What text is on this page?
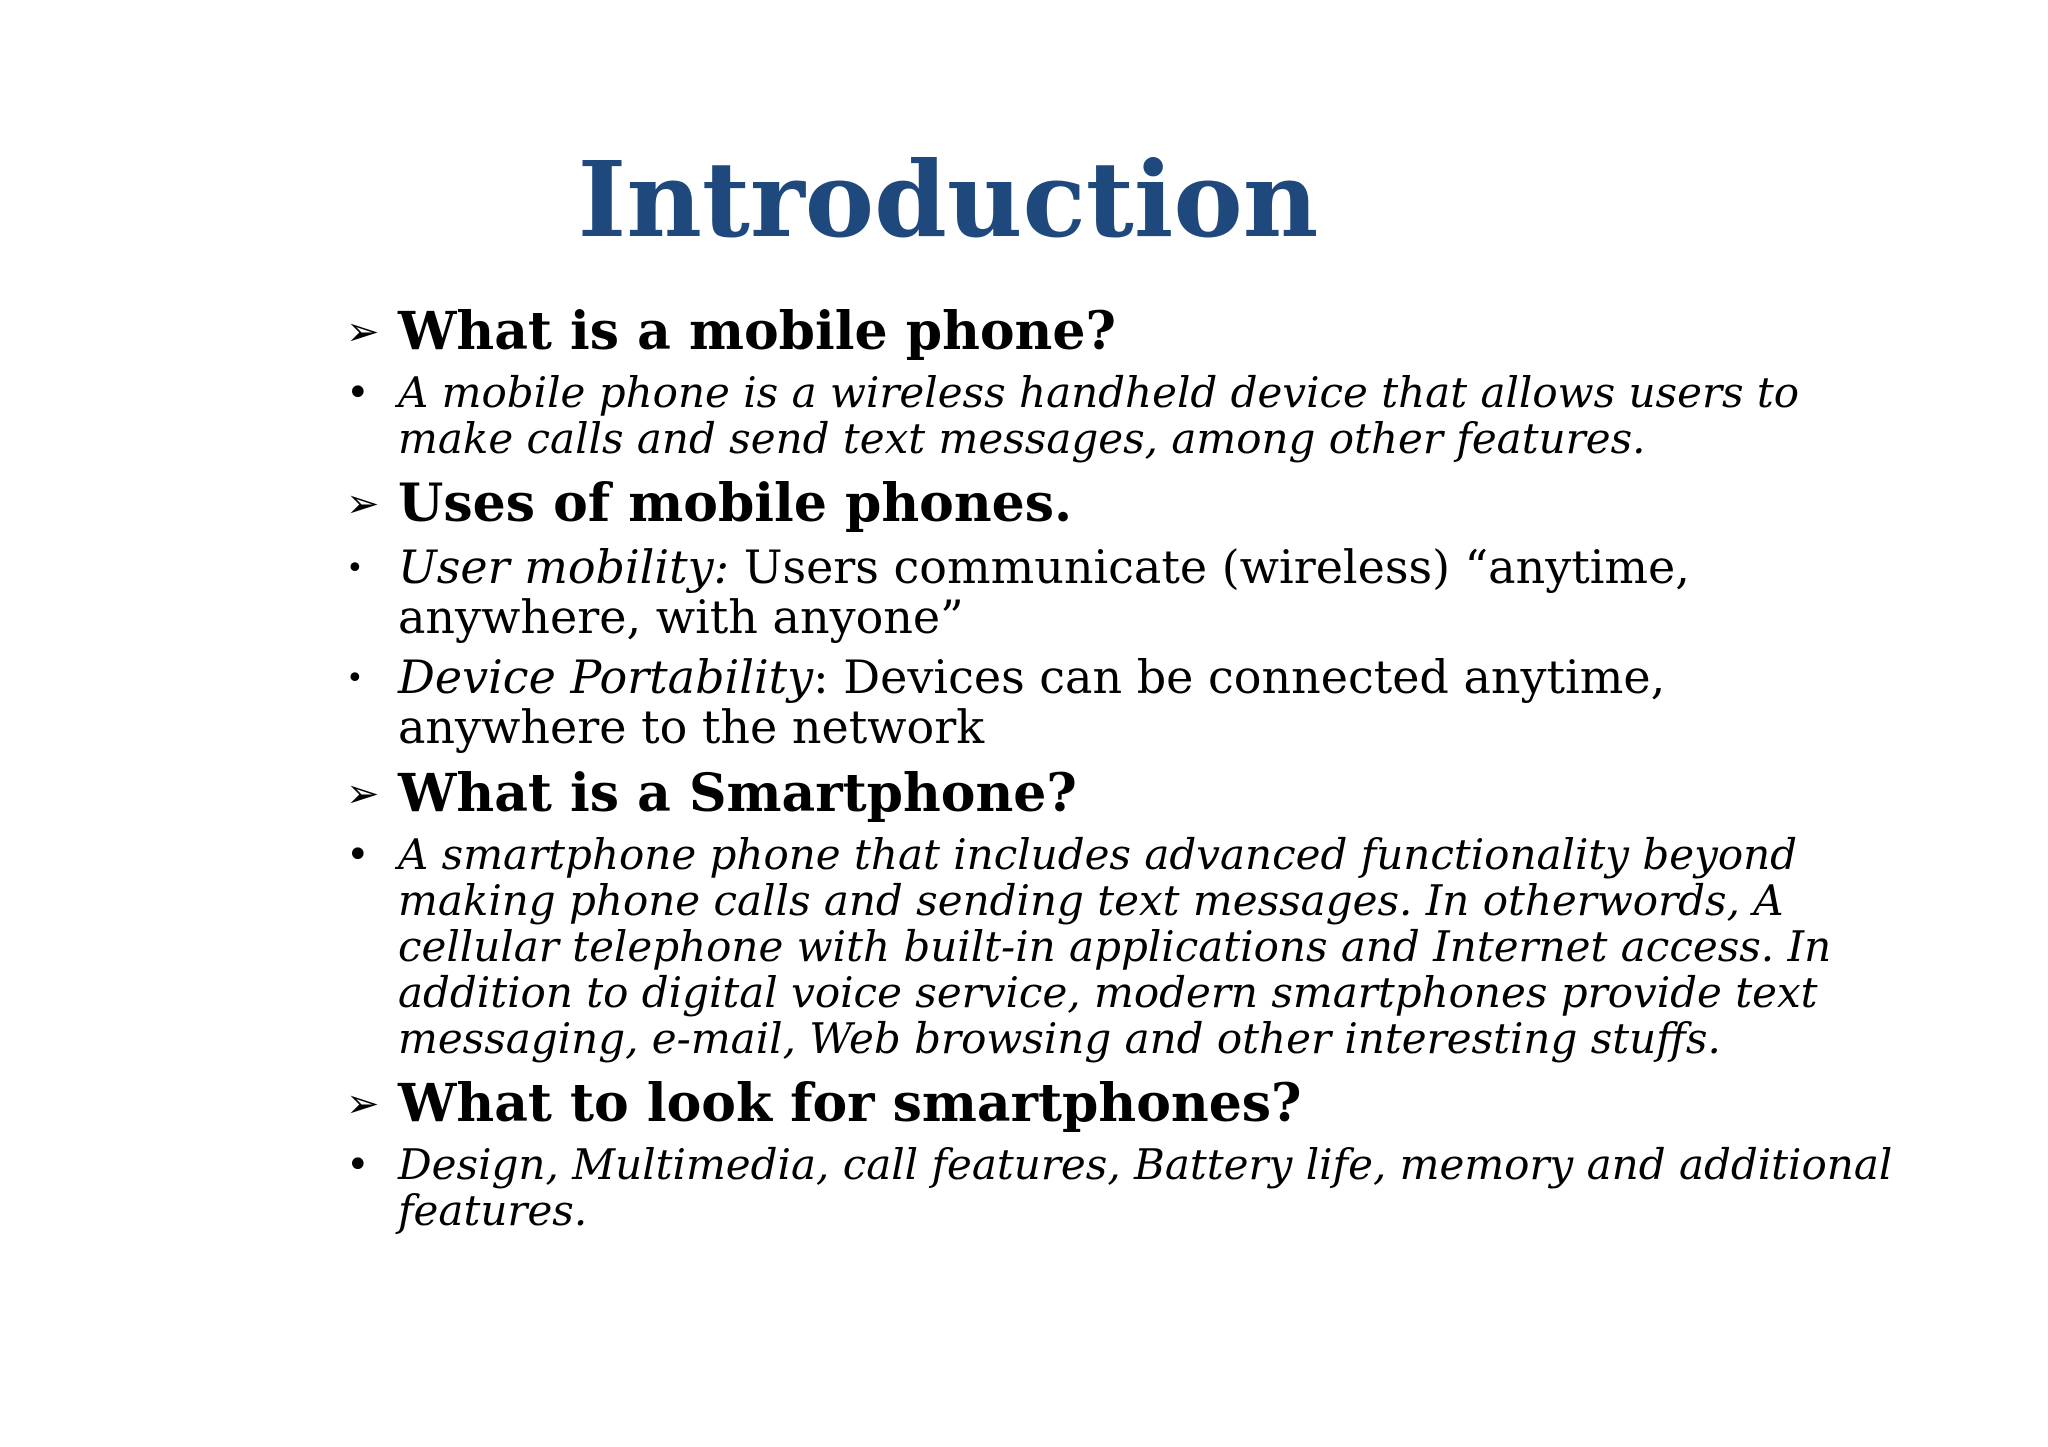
Introduction
➢ What is a mobile phone?
• A mobile phone is a wireless handheld device that allows users to make calls and send text messages, among other features.
➢ Uses of mobile phones.
• User mobility: Users communicate (wireless) “anytime, anywhere, with anyone”
• Device Portability: Devices can be connected anytime, anywhere to the network
➢ What is a Smartphone?
• A smartphone phone that includes advanced functionality beyond making phone calls and sending text messages. In otherwords, A cellular telephone with built-in applications and Internet access. In addition to digital voice service, modern smartphones provide text messaging, e-mail, Web browsing and other interesting stuffs.
➢ What to look for smartphones?
• Design, Multimedia, call features, Battery life, memory and additional features.
